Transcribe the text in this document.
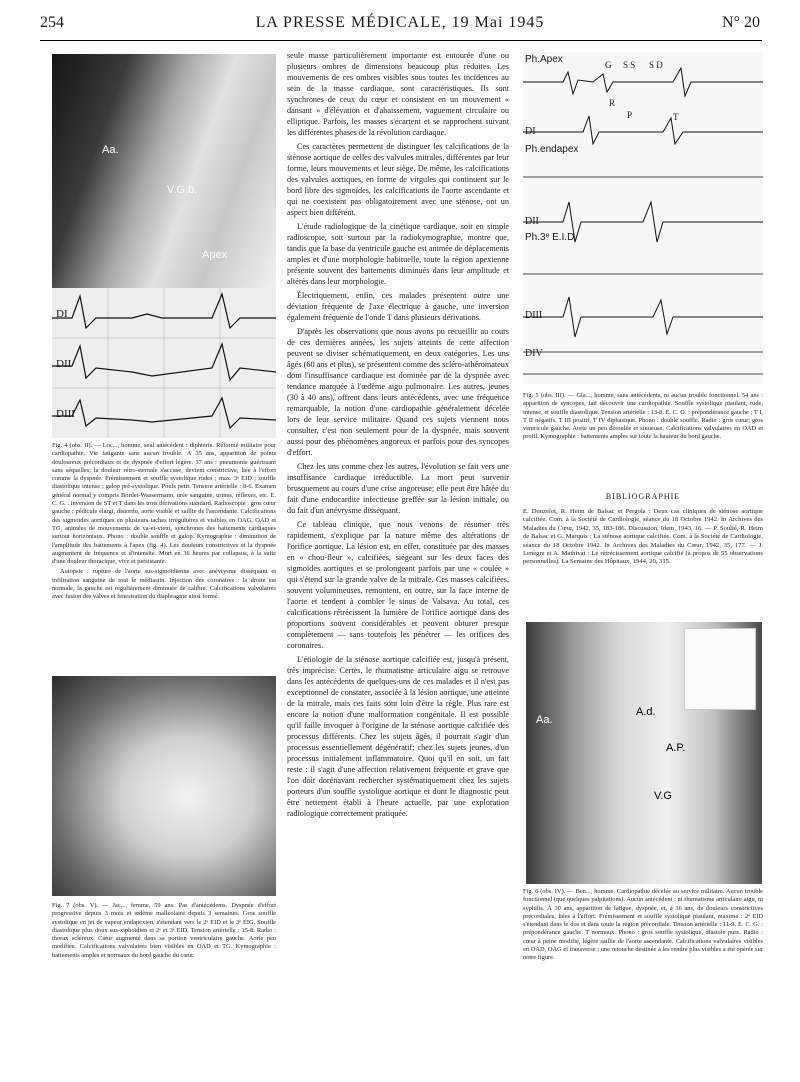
254	LA PRESSE MÉDICALE, 19 Mai 1945	N° 20
Aa.
V.G.b.
Apex
DI
DII
DIII

Fig. 4 (obs. II). — Loc..., homme, seul antécédent : diphtérie. Réformé militaire pour cardiopathie. Vie fatigante sans aucun trouble. À 35 ans, apparition de points douloureux précordiaux et de dyspnée d'effort légère. 37 ans : pneumonie guérissant sans séquelles; la douleur rétro-sternale s'accuse, devient constrictive, liée à l'effort comme la dyspnée. Frémissement et souffle systolique rudes ; max. 3ᵉ EID ; souffle diastolique intense ; galop pré-systolique. Pouls petit. Tension artérielle : 8-6. Examen général normal y compris Bordet-Wassermann, urée sanguine, urines, réflexes, etc. E. C. G. : inversion de ST et T dans les trois dérivations standard. Radioscopie : gros cœur gauche ; pédicule élargi, distordu, aorte visible et saillie de l'ascendante. Calcifications des sigmoïdes aortiques en plusieurs taches irrégulières et visibles en OAG, OAD et TG, animées de mouvements de va-et-vient, synchrones des battements cardiaques surtout horizontaux. Phono : double souffle et galop. Kymographie : diminution de l'amplitude des battements à l'apex (fig. 4). Les douleurs constrictives et la dyspnée augmentent de fréquence et d'intensité. Mort en 36 heures par collapsus, à la suite d'une douleur thoracique, vive et persistante.

Autopsie : rupture de l'aorte sus-sigmoïdienne avec anévrysme disséquant et infiltration sanguine de tout le médiastin. Injection des coronaires : la droite est normale, la gauche est régulièrement diminuée de calibre. Calcifications valvulaires avec fusion des valves et fenestration du diaphragme ainsi formé.

Fig. 7 (obs. V). — Jac..., femme, 59 ans. Pas d'antécédents. Dyspnée d'effort progressive depuis 3 mois et œdème malléolaire depuis 3 semaines. Gros souffle systolique en jet de vapeur endapexien, s'étendant vers le 2ᵉ EID et le 3ᵉ EIG. Souffle diastolique plus doux sus-xiphoïdien et 2ᵉ et 3ᵉ EID. Tension artérielle : 15-8. Radio : thorax scléreux. Cœur augmenté dans sa portion ventriculaire gauche. Aorte peu modifiée. Calcifications valvulaires bien visibles en OAD et TG. Kymographie : battements amples et normaux du bord gauche du cœur.

seule masse particulièrement importante est entourée d'une ou plusieurs ombres de dimensions beaucoup plus réduites. Les mouvements de ces ombres visibles sous toutes les incidences au sein de la masse cardiaque, sont caractéristiques. Ils sont synchrones de ceux du cœur et consistent en un mouvement « dansant » d'élévation et d'abaissement, vaguement circulaire ou elliptique. Parfois, les masses s'écartent et se rapprochent suivant les différentes phases de la révolution cardiaque.

Ces caractères permettent de distinguer les calcifications de la sténose aortique de celles des valvules mitrales, différentes par leur forme, leurs mouvements et leur siège. De même, les calcifications des valvules aortiques, en forme de virgules qui continuent sur le bord libre des sigmoïdes, les calcifications de l'aorte ascendante et qui ne coexistent pas obligatoirement avec une sténose, ont un aspect bien différent.

L'étude radiologique de la cinétique cardiaque, soit en simple radioscopie, soit surtout par la radiokymographie, montre que, tandis que la base du ventricule gauche est animée de déplacements amples et d'une morphologie habituelle, toute la région apexienne présente souvent des battements diminués dans leur amplitude et altérés dans leur morphologie.

Électriquement, enfin, ces malades présentent outre une déviation fréquente de l'axe électrique à gauche, une inversion également fréquente de l'onde T dans plusieurs dérivations.

D'après les observations que nous avons pu recueillir au cours de ces dernières années, les sujets atteints de cette affection peuvent se diviser schématiquement, en deux catégories. Les uns âgés (60 ans et plus), se présentent comme des scléro-athéromateux dont l'insuffisance cardiaque est dominée par de la dyspnée avec tendance marquée à l'œdème aigu pulmonaire. Les autres, jeunes (30 à 40 ans), offrent dans leurs antécédents, avec une fréquence remarquable, la notion d'une cardiopathie généralement décelée lors de leur service militaire. Quand ces sujets viennent nous consulter, c'est non seulement pour de la dyspnée, mais souvent aussi pour des phénomènes angoreux et parfois pour des syncopes d'effort.

Chez les uns comme chez les autres, l'évolution se fait vers une insuffisance cardiaque irréductible. La mort peut survenir brusquement au cours d'une crise angoreuse; elle peut être hâtée du fait d'une endocardite infectieuse greffée sur la lésion initiale, ou du fait d'un anévrysme disséquant.

Ce tableau clinique, que nous venons de résumer très rapidement, s'explique par la nature même des altérations de l'orifice aortique. La lésion est, en effet, constituée par des masses en « chou-fleur », calcifiées, siégeant sur les deux faces des sigmoïdes aortiques et se prolongeant parfois par une « coulée » qui s'étend sur la grande valve de la mitrale. Ces masses calcifiées, souvent volumineuses, remontent, en outre, sur la face interne de l'aorte et tendent à combler le sinus de Valsava. Au total, ces calcifications rétrécissent la lumière de l'orifice aortique dans des proportions souvent considérables et peuvent obturer presque complètement — sans toutefois les pénétrer — les orifices des coronaires.

L'étiologie de la sténose aortique calcifiée est, jusqu'à présent, très imprécise. Certes, le rhumatisme articulaire aigu se retrouve dans les antécédents de quelques-uns de ces malades et il n'est pas exceptionnel de constater, associée à la lésion aortique, une atteinte de la mitrale, mais ces faits sont loin d'être la règle. Plus rare est encore la notion d'une malformation congénitale. Il est possible qu'il faille invoquer à l'origine de la sténose aortique calcifiée des processus différents. Chez les sujets âgés, il pourrait s'agir d'un processus essentiellement dégénératif; chez les sujets jeunes, d'un processus initialement inflammatoire. Quoi qu'il en soit, un fait reste : il s'agit d'une affection relativement fréquente et grave que l'on doit dorénavant rechercher systématiquement chez les sujets porteurs d'un souffle systolique aortique et dont le diagnostic peut être nettement établi à l'heure actuelle, par une exploration radiologique correctement pratiquée.

Ph.Apex
DI
Ph.endapex
DII
Ph.3ᵉ E.I.D.
DIII
DIV
G S S S D
R
P	T

Fig. 5 (obs. III). — Gla..., homme, sans antécédents, ni aucun trouble fonctionnel. 54 ans : apparition de syncopes, fait découvrir une cardiopathie. Souffle systolique piaulant, rude, intense, et souffle diastolique. Tension artérielle : 13-8. E. C. G. : prépondérance gauche ; T I, T II négatifs, T III positif, T IV diphasique. Phono : double souffle. Radio : gros cœur; gros ventricule gauche. Aorte un peu déroulée et sinueuse. Calcifications valvulaires en OAD et profil. Kymographie : battements amples sur toute la hauteur du bord gauche.

BIBLIOGRAPHIE
E. Donzelot, R. Heim de Balsac et Pergola : Deux cas cliniques de sténose aortique calcifiée. Com. à la Société de Cardiologie, séance du 18 Octobre 1942. In Archives des Maladies du Cœur, 1942, 35, 183-186. Discussion, Idem, 1943, 16. — P. Soulié, R. Heim de Balsac et G. Marquis : La sténose aortique calcifiée. Com. à la Société de Cardiologie, séance du 18 Octobre 1942. In Archives des Maladies du Cœur, 1942, 35, 177. — J. Lenègre et A. Mathivat : Le rétrécissement aortique calcifié (à propos de 55 observations personnelles). La Semaine des Hôpitaux, 1944, 20, 315.
Aa.
A.d.
A.P.
V.G

Fig. 6 (obs. IV). — Ben..., homme. Cardiopathie décelée au service militaire. Aucun trouble fonctionnel (que quelques palpitations). Aucun antécédent : ni rhumatisme articulaire aigu, ni syphilis. À 30 ans, apparition de fatigue, dyspnée, et, à 36 ans, de douleurs constrictives précordiales, liées à l'effort. Frémissement et souffle systolique piaulant, maxima : 2ᵉ EID s'étendant dans le dos et dans toute la région précordiale. Tension artérielle : 11-9. E. C. G. : prépondérance gauche. T normaux. Phono : gros souffle systolique, diastole pure. Radio : cœur à peine modifié, légère saillie de l'aorte ascendante. Calcifications valvulaires visibles en OAD, OAG et transverse ; une retouche destinée à les rendre plus visibles a été opérée sur notre figure.
